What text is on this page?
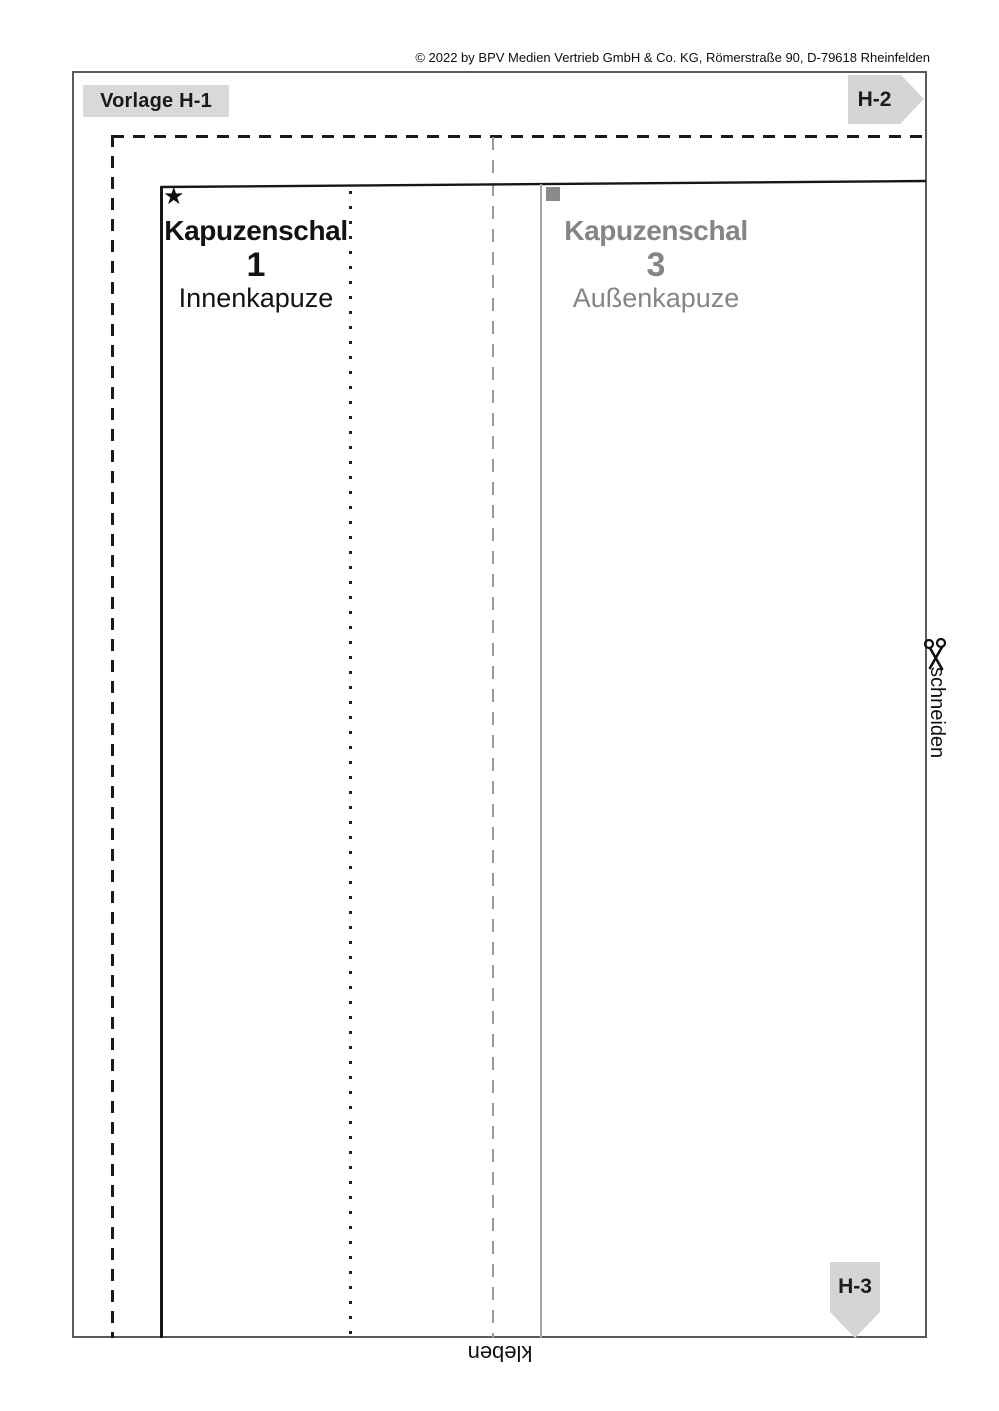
© 2022 by BPV Medien Vertrieb GmbH & Co. KG, Römerstraße 90, D-79618 Rheinfelden
Vorlage H-1	H-2
★
Kapuzenschal
1
Innenkapuze
Kapuzenschal
3
Außenkapuze
schneiden
kleben
H-3
